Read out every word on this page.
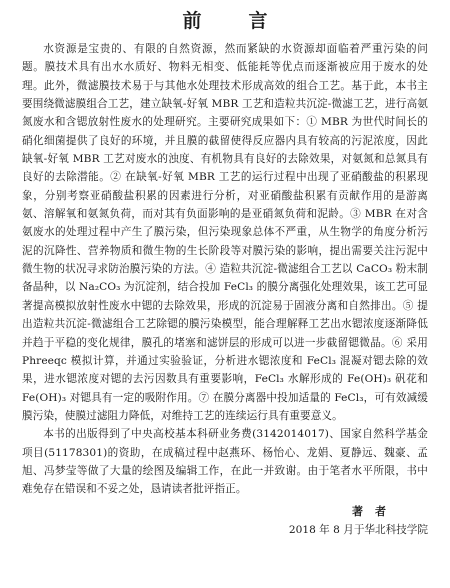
前　言

水资源是宝贵的、有限的自然资源，然而紧缺的水资源却面临着严重污染的问题。膜技术具有出水水质好、物料无相变、低能耗等优点而逐渐被应用于废水的处理。此外，微滤膜技术易于与其他水处理技术形成高效的组合工艺。基于此，本书主要围绕微滤膜组合工艺，建立缺氧-好氧 MBR 工艺和造粒共沉淀-微滤工艺，进行高氨氮废水和含锶放射性废水的处理研究。主要研究成果如下：① MBR 为世代时间长的硝化细菌提供了良好的环境，并且膜的截留使得反应器内具有较高的污泥浓度，因此缺氧-好氧 MBR 工艺对废水的浊度、有机物具有良好的去除效果，对氨氮和总氮具有良好的去除潜能。② 在缺氧-好氧 MBR 工艺的运行过程中出现了亚硝酸盐的积累现象，分别考察亚硝酸盐积累的因素进行分析，对亚硝酸盐积累有贡献作用的是游离氨、溶解氧和氨氮负荷，而对其有负面影响的是亚硝氮负荷和泥龄。③ MBR 在对含氨废水的处理过程中产生了膜污染，但污染现象总体不严重，从生物学的角度分析污泥的沉降性、营养物质和微生物的生长阶段等对膜污染的影响，提出需要关注污泥中微生物的状况寻求防治膜污染的方法。④ 造粒共沉淀-微滤组合工艺以 CaCO₃ 粉末制备晶种，以 Na₂CO₃ 为沉淀剂，结合投加 FeCl₃ 的膜分离强化处理效果，该工艺可显著提高模拟放射性废水中锶的去除效果，形成的沉淀易于固液分离和自然排出。⑤ 提出造粒共沉淀-微滤组合工艺除锶的膜污染模型，能合理解释工艺出水锶浓度逐渐降低并趋于平稳的变化规律，膜孔的堵塞和滤饼层的形成可以进一步截留锶微晶。⑥ 采用 Phreeqc 模拟计算，并通过实验验证，分析进水锶浓度和 FeCl₃ 混凝对锶去除的效果，进水锶浓度对锶的去污因数具有重要影响，FeCl₃ 水解形成的 Fe(OH)₃ 矾花和 Fe(OH)₃ 对锶具有一定的吸附作用。⑦ 在膜分离器中投加适量的 FeCl₃，可有效减缓膜污染，使膜过滤阻力降低，对维持工艺的连续运行具有重要意义。

本书的出版得到了中央高校基本科研业务费(3142014017)、国家自然科学基金项目(51178301)的资助，在成稿过程中赵燕环、杨怡心、龙娟、夏静远、魏豪、孟旭、冯梦莹等做了大量的绘图及编辑工作，在此一并致谢。由于笔者水平所限，书中难免存在错误和不妥之处，恳请读者批评指正。

著者
2018 年 8 月于华北科技学院
